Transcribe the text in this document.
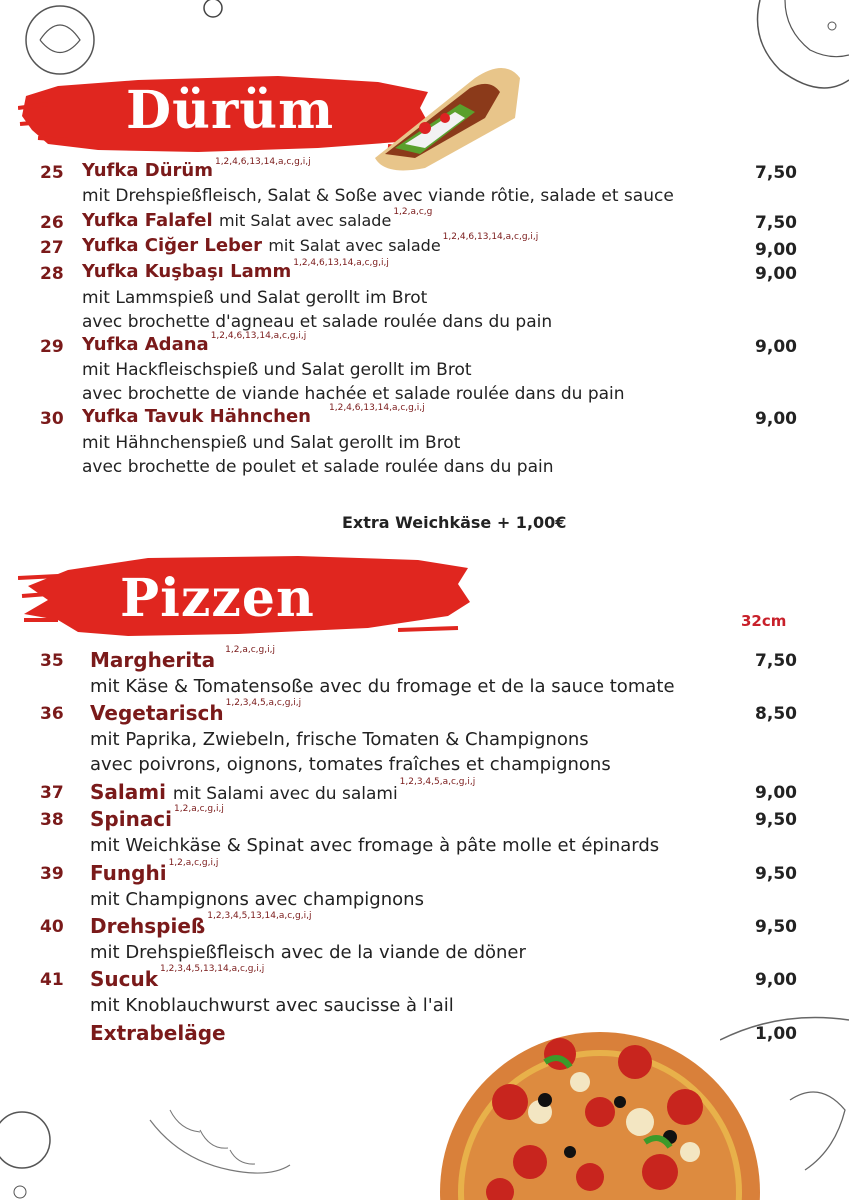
Dürüm
25 Yufka Dürüm $^{1,2,4,6,13,14,a,c,g,i,j}$
7,50
mit Drehspießfleisch, Salat & Soße avec viande rôtie, salade et sauce
26 Yufka Falafel mit Salat avec salade $^{1,2,a,c,g}$
7,50
27 Yufka Ciğer Leber mit Salat avec salade $^{1,2,4,6,13,14,a,c,g,i,j}$
9,00
28 Yufka Kuşbaşı Lamm $^{1,2,4,6,13,14,a,c,g,i,j}$
9,00
mit Lammspieß und Salat gerollt im Brot
avec brochette d'agneau et salade roulée dans du pain
29 Yufka Adana $^{1,2,4,6,13,14,a,c,g,i,j}$
9,00
mit Hackfleischspieß und Salat gerollt im Brot
avec brochette de viande hachée et salade roulée dans du pain
30 Yufka Tavuk Hähnchen $^{1,2,4,6,13,14,a,c,g,i,j}$
9,00
mit Hähnchenspieß und Salat gerollt im Brot
avec brochette de poulet et salade roulée dans du pain
Extra Weichkäse + 1,00€
Pizzen	32cm
35 Margherita $^{1,2,a,c,g,i,j}$
7,50
mit Käse & Tomatensoße avec du fromage et de la sauce tomate
36 Vegetarisch $^{1,2,3,4,5,a,c,g,i,j}$
8,50
mit Paprika, Zwiebeln, frische Tomaten & Champignons
avec poivrons, oignons, tomates fraîches et champignons
37 Salami mit Salami avec du salami$^{1,2,3,4,5,a,c,g,i,j}$
9,00
38 Spinaci $^{1,2,a,c,g,i,j}$
9,50
mit Weichkäse & Spinat avec fromage à pâte molle et épinards
39 Funghi $^{1,2,a,c,g,i,j}$
9,50
mit Champignons avec champignons
40 Drehspieß $^{1,2,3,4,5,13,14,a,c,g,i,j}$
9,50
mit Drehspießfleisch avec de la viande de döner
41 Sucuk $^{1,2,3,4,5,13,14,a,c,g,i,j}$
9,00
mit Knoblauchwurst avec saucisse à l'ail
Extrabeläge	1,00
